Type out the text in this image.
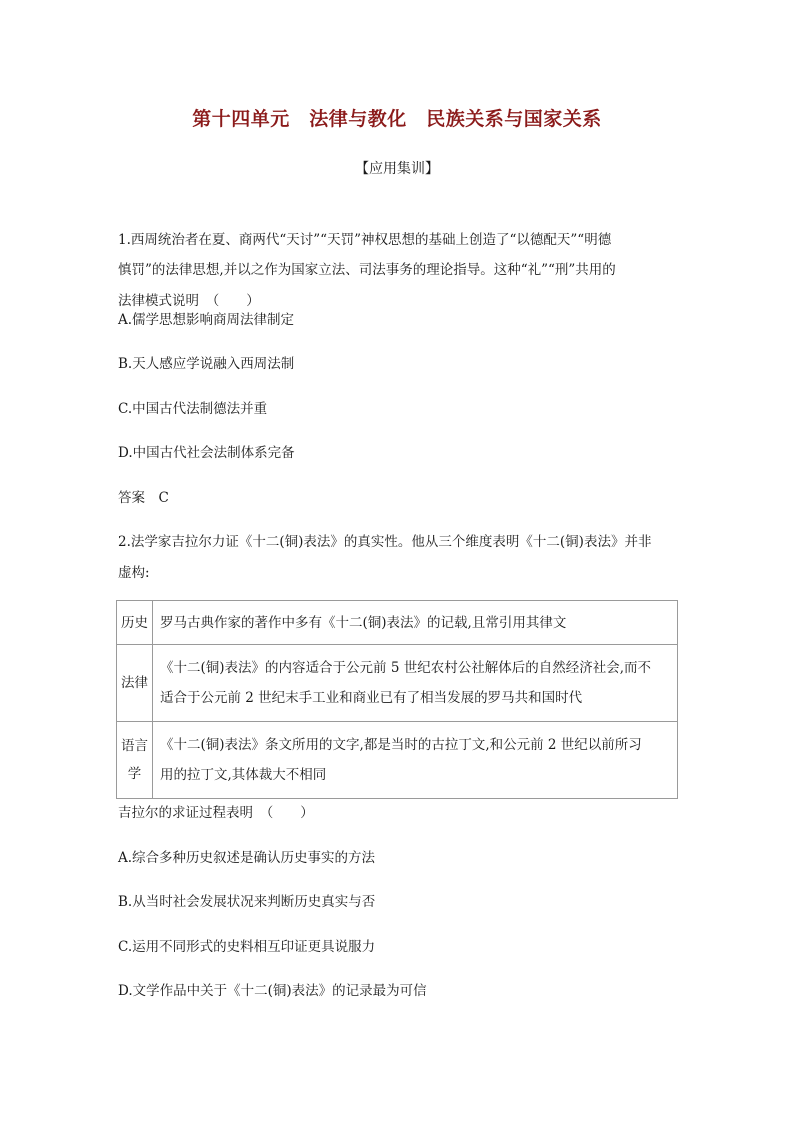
第十四单元　法律与教化　民族关系与国家关系
【应用集训】
1.西周统治者在夏、商两代“天讨”“天罚”神权思想的基础上创造了“以德配天”“明德
慎罚”的法律思想,并以之作为国家立法、司法事务的理论指导。这种“礼”“刑”共用的
法律模式说明　（　　）
A.儒学思想影响商周法律制定
B.天人感应学说融入西周法制
C.中国古代法制德法并重
D.中国古代社会法制体系完备
答案　C
2.法学家吉拉尔力证《十二(铜)表法》的真实性。他从三个维度表明《十二(铜)表法》并非
虚构:
历史	罗马古典作家的著作中多有《十二(铜)表法》的记载,且常引用其律文

法律	《十二(铜)表法》的内容适合于公元前 5 世纪农村公社解体后的自然经济社会,而不
适合于公元前 2 世纪末手工业和商业已有了相当发展的罗马共和国时代

语言
学	《十二(铜)表法》条文所用的文字,都是当时的古拉丁文,和公元前 2 世纪以前所习
用的拉丁文,其体裁大不相同
吉拉尔的求证过程表明　（　　）
A.综合多种历史叙述是确认历史事实的方法
B.从当时社会发展状况来判断历史真实与否
C.运用不同形式的史料相互印证更具说服力
D.文学作品中关于《十二(铜)表法》的记录最为可信
